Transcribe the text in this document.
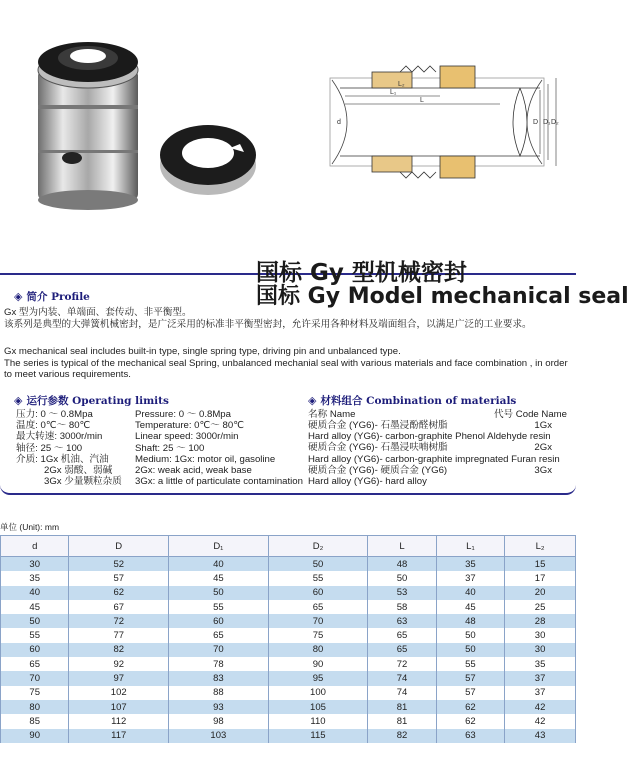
L₂
L₁
L
d	D D₁ D₂
国标 Gy 型机械密封
国标 Gy Model mechanical seal
◈ 简介 Profile
Gx 型为内装、单端面、套传动、非平衡型。
该系列是典型的大弹簧机械密封，是广泛采用的标准非平衡型密封，允许采用各种材料及端面组合，以满足广泛的工业要求。
Gx mechanical seal includes built-in type, single spring type, driving pin and unbalanced type.
The series is typical of the mechanical seal Spring, unbalanced mechanial seal with various materials and face combination , in order to meet various requirements.
◈ 运行参数 Operating limits
压力: 0 ～ 0.8Mpa
温度: 0℃～ 80℃
最大转速: 3000r/min
轴径: 25 ～ 100
介质: 1Gx 机油、汽油
2Gx 弱酸、弱碱
3Gx 少量颗粒杂质
Pressure: 0 ～ 0.8Mpa
Temperature: 0℃～ 80℃
Linear speed: 3000r/min
Shaft: 25 ～ 100
Medium: 1Gx: motor oil, gasoline
2Gx: weak acid, weak base
3Gx: a little of particulate contamination
◈ 材料组合 Combination of materials
名称 Name	代号 Code Name
硬质合金 (YG6)- 石墨浸酚醛树脂	1Gx
Hard alloy (YG6)- carbon-graphite Phenol Aldehyde resin
硬质合金 (YG6)- 石墨浸呋喃树脂	2Gx
Hard alloy (YG6)- carbon-graphite impregnated Furan resin
硬质合金 (YG6)- 硬质合金 (YG6)	3Gx
Hard alloy (YG6)- hard alloy
单位 (Unit): mm
d	D	D₁	D₂	L	L₁	L₂
30	52	40	50	48	35	15
35	57	45	55	50	37	17
40	62	50	60	53	40	20
45	67	55	65	58	45	25
50	72	60	70	63	48	28
55	77	65	75	65	50	30
60	82	70	80	65	50	30
65	92	78	90	72	55	35
70	97	83	95	74	57	37
75	102	88	100	74	57	37
80	107	93	105	81	62	42
85	112	98	110	81	62	42
90	117	103	115	82	63	43
